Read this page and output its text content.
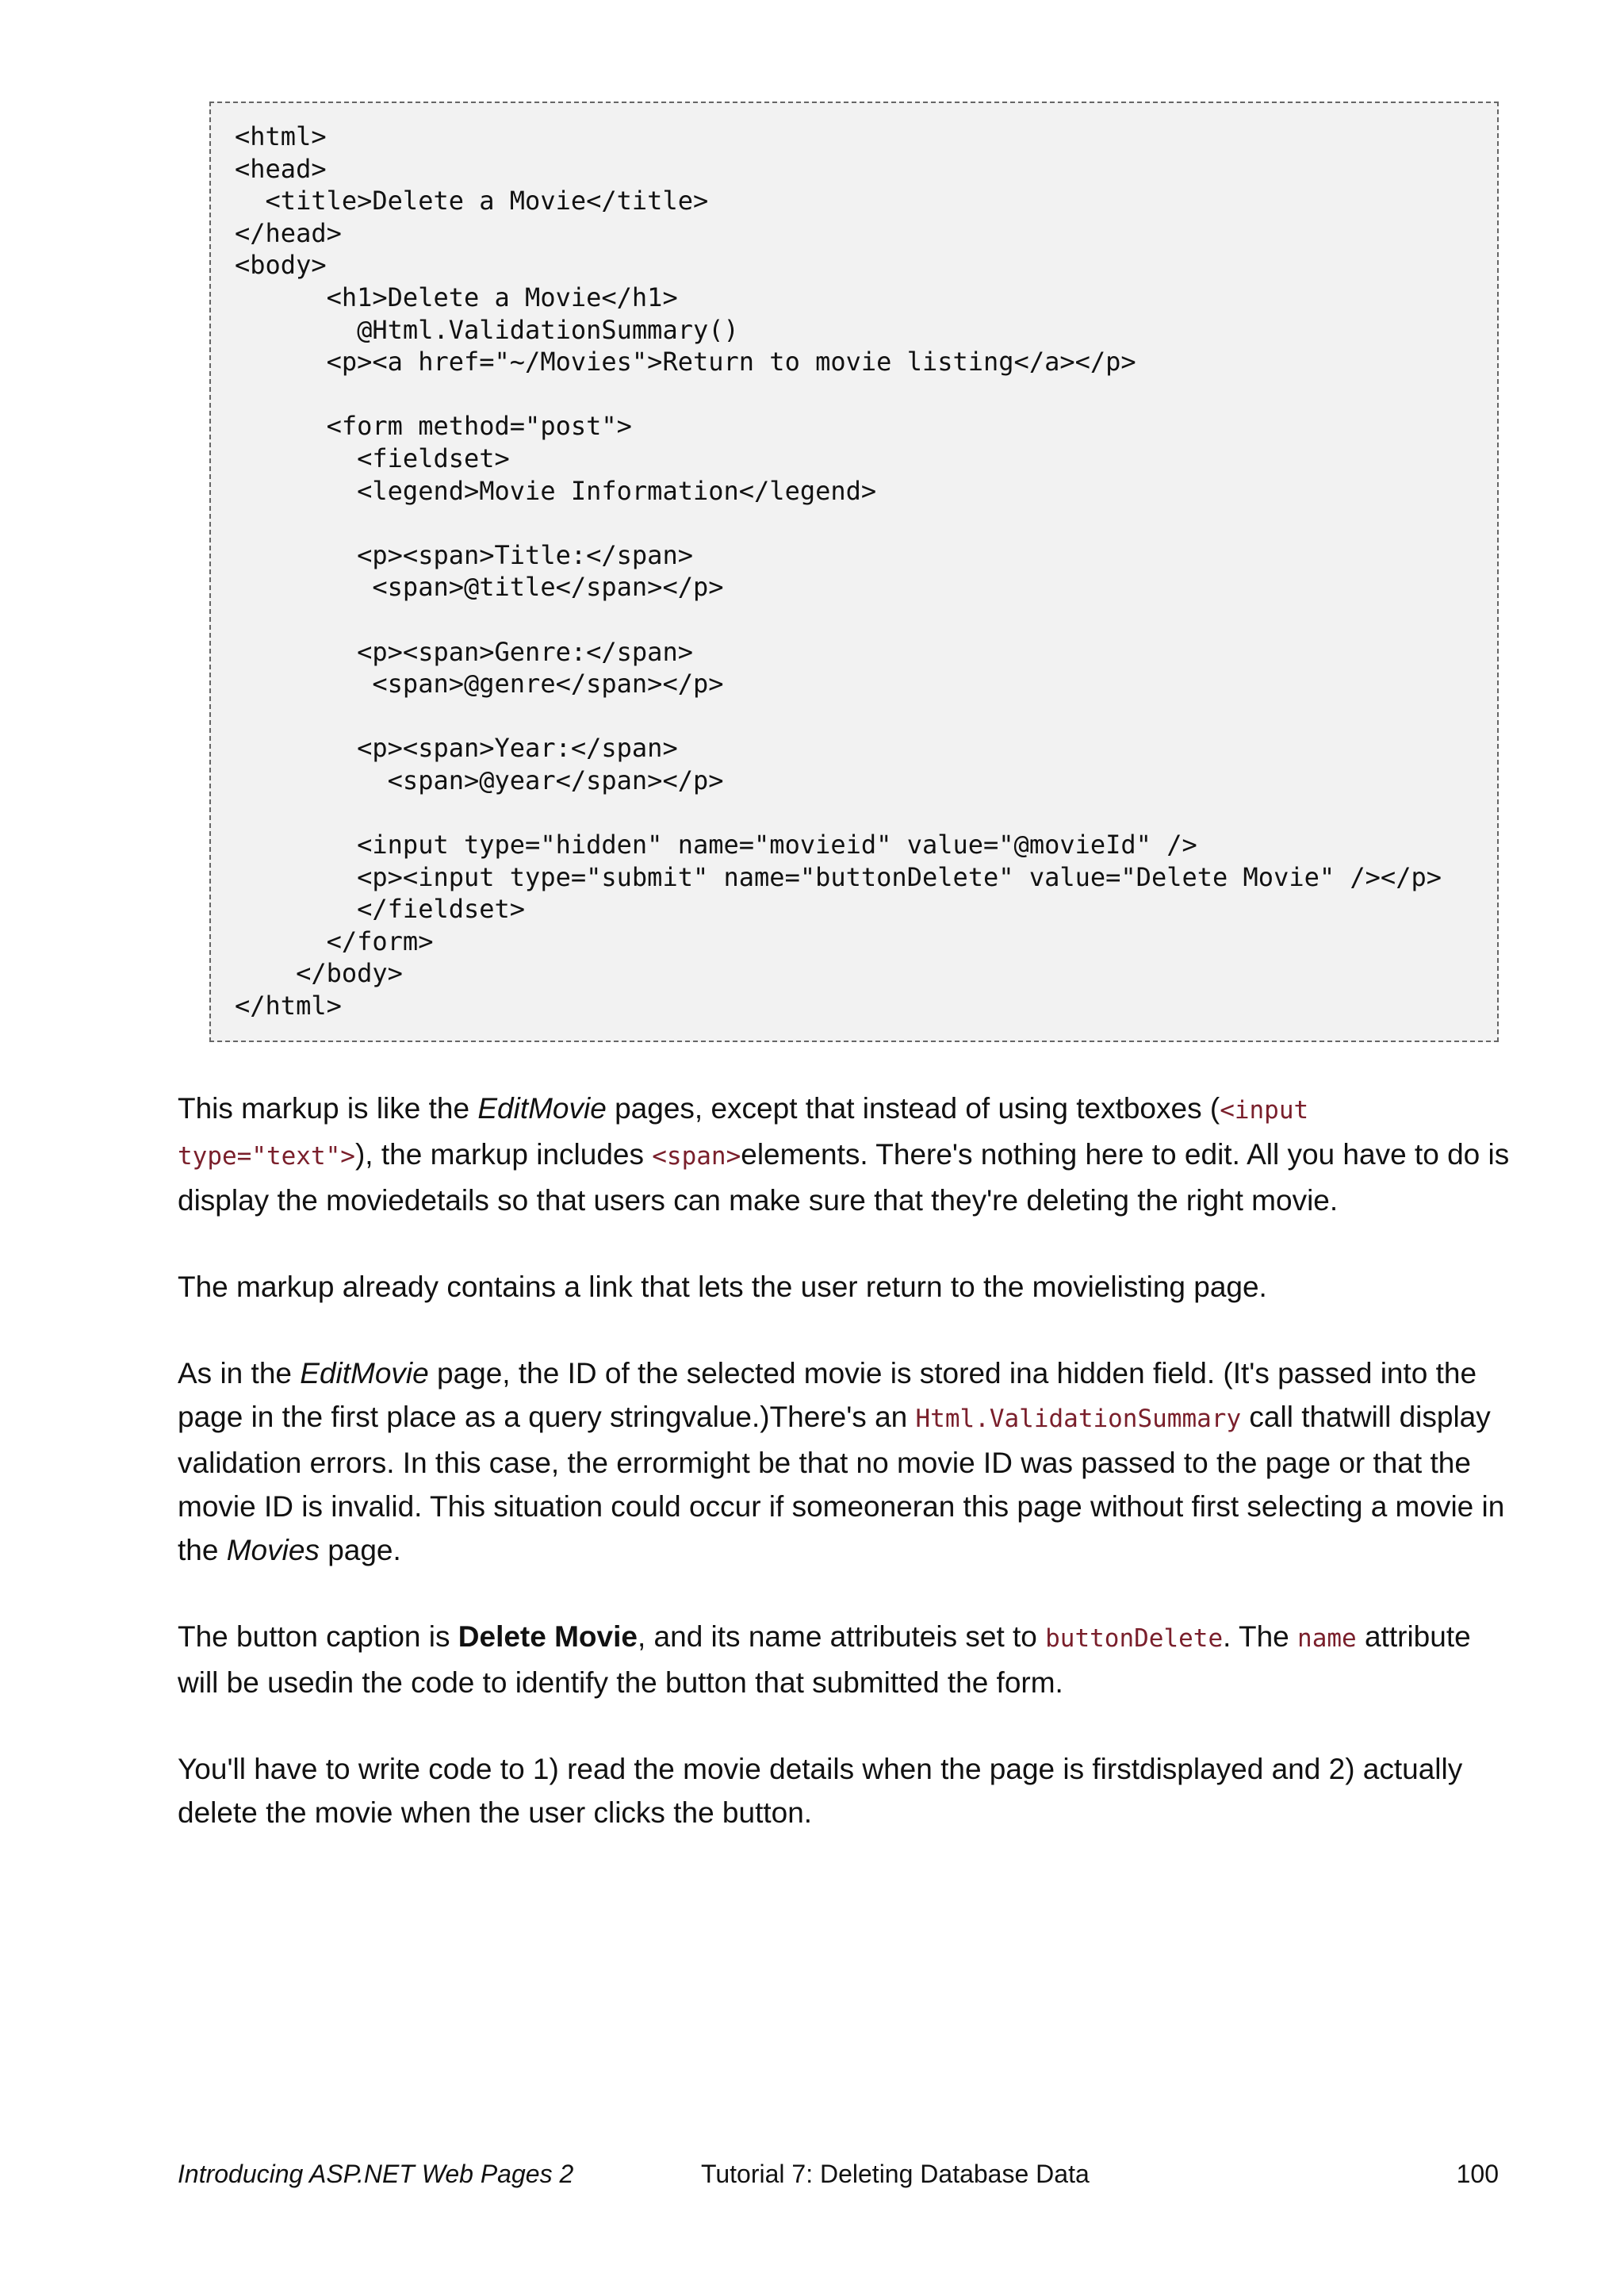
<html>
<head>
<title>Delete a Movie</title>
</head>
<body>
<h1>Delete a Movie</h1>
@Html.ValidationSummary()
<p><a href="~/Movies">Return to movie listing</a></p>
<form method="post">
<fieldset>
<legend>Movie Information</legend>
<p><span>Title:</span>
<span>@title</span></p>
<p><span>Genre:</span>
<span>@genre</span></p>
<p><span>Year:</span>
<span>@year</span></p>
<input type="hidden" name="movieid" value="@movieId" />
<p><input type="submit" name="buttonDelete" value="Delete Movie" /></p>
</fieldset>
</form>
</body>
</html>

This markup is like the EditMovie pages, except that instead of using textboxes (<input type="text">), the markup includes <span>elements. There's nothing here to edit. All you have to do is display the moviedetails so that users can make sure that they're deleting the right movie.

The markup already contains a link that lets the user return to the movielisting page.

As in the EditMovie page, the ID of the selected movie is stored ina hidden field. (It's passed into the page in the first place as a query stringvalue.)There's an Html.ValidationSummary call thatwill display validation errors. In this case, the errormight be that no movie ID was passed to the page or that the movie ID is invalid. This situation could occur if someoneran this page without first selecting a movie in the Movies page.

The button caption is Delete Movie, and its name attributeis set to buttonDelete. The name attribute will be usedin the code to identify the button that submitted the form.

You'll have to write code to 1) read the movie details when the page is firstdisplayed and 2) actually delete the movie when the user clicks the button.

Introducing ASP.NET Web Pages 2	Tutorial 7: Deleting Database Data	100
